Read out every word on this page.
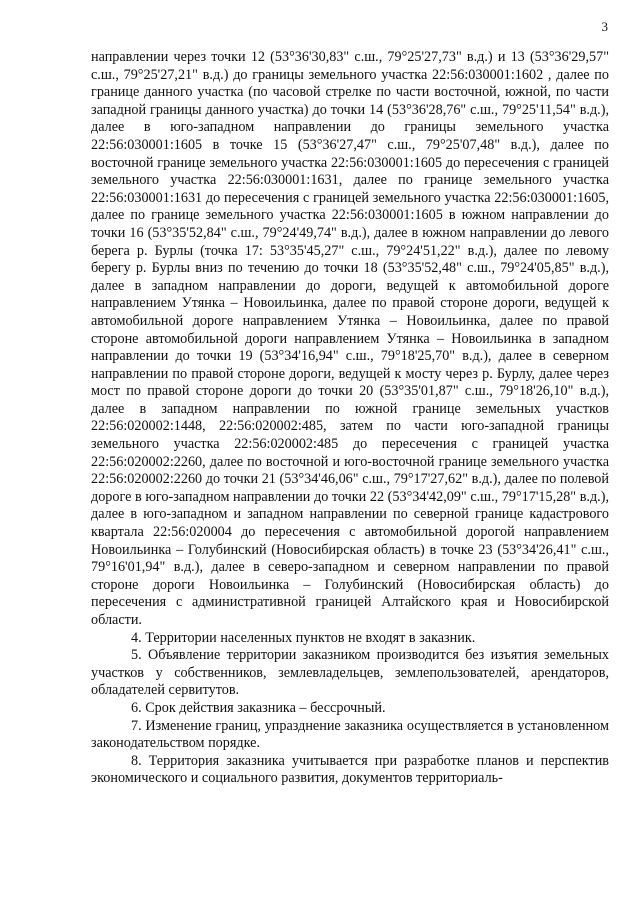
3

направлении через точки 12 (53°36'30,83" с.ш., 79°25'27,73" в.д.) и 13 (53°36'29,57" с.ш., 79°25'27,21" в.д.) до границы земельного участка 22:56:030001:1602 , далее по границе данного участка (по часовой стрелке по части восточной, южной, по части западной границы данного участка) до точки 14 (53°36'28,76" с.ш., 79°25'11,54" в.д.), далее в юго-западном направлении до границы земельного участка 22:56:030001:1605 в точке 15 (53°36'27,47" с.ш., 79°25'07,48" в.д.), далее по восточной границе земельного участка 22:56:030001:1605 до пересечения с границей земельного участка 22:56:030001:1631, далее по границе земельного участка 22:56:030001:1631 до пересечения с границей земельного участка 22:56:030001:1605, далее по границе земельного участка 22:56:030001:1605 в южном направлении до точки 16 (53°35'52,84" с.ш., 79°24'49,74" в.д.), далее в южном направлении до левого берега р. Бурлы (точка 17: 53°35'45,27" с.ш., 79°24'51,22" в.д.), далее по левому берегу р. Бурлы вниз по течению до точки 18 (53°35'52,48" с.ш., 79°24'05,85" в.д.), далее в западном направлении до дороги, ведущей к автомобильной дороге направлением Утянка – Новоильинка, далее по правой стороне дороги, ведущей к автомобильной дороге направлением Утянка – Новоильинка, далее по правой стороне автомобильной дороги направлением Утянка – Новоильинка в западном направлении до точки 19 (53°34'16,94" с.ш., 79°18'25,70" в.д.), далее в северном направлении по правой стороне дороги, ведущей к мосту через р. Бурлу, далее через мост по правой стороне дороги до точки 20 (53°35'01,87" с.ш., 79°18'26,10" в.д.), далее в западном направлении по южной границе земельных участков 22:56:020002:1448, 22:56:020002:485, затем по части юго-западной границы земельного участка 22:56:020002:485 до пересечения с границей участка 22:56:020002:2260, далее по восточной и юго-восточной границе земельного участка 22:56:020002:2260 до точки 21 (53°34'46,06" с.ш., 79°17'27,62" в.д.), далее по полевой дороге в юго-западном направлении до точки 22 (53°34'42,09" с.ш., 79°17'15,28" в.д.), далее в юго-западном и западном направлении по северной границе кадастрового квартала 22:56:020004 до пересечения с автомобильной дорогой направлением Новоильинка – Голубинский (Новосибирская область) в точке 23 (53°34'26,41" с.ш., 79°16'01,94" в.д.), далее в северо-западном и северном направлении по правой стороне дороги Новоильинка – Голубинский (Новосибирская область) до пересечения с административной границей Алтайского края и Новосибирской области.

4. Территории населенных пунктов не входят в заказник.

5. Объявление территории заказником производится без изъятия земельных участков у собственников, землевладельцев, землепользователей, арендаторов, обладателей сервитутов.

6. Срок действия заказника – бессрочный.

7. Изменение границ, упразднение заказника осуществляется в установленном законодательством порядке.

8. Территория заказника учитывается при разработке планов и перспектив экономического и социального развития, документов территориаль-
